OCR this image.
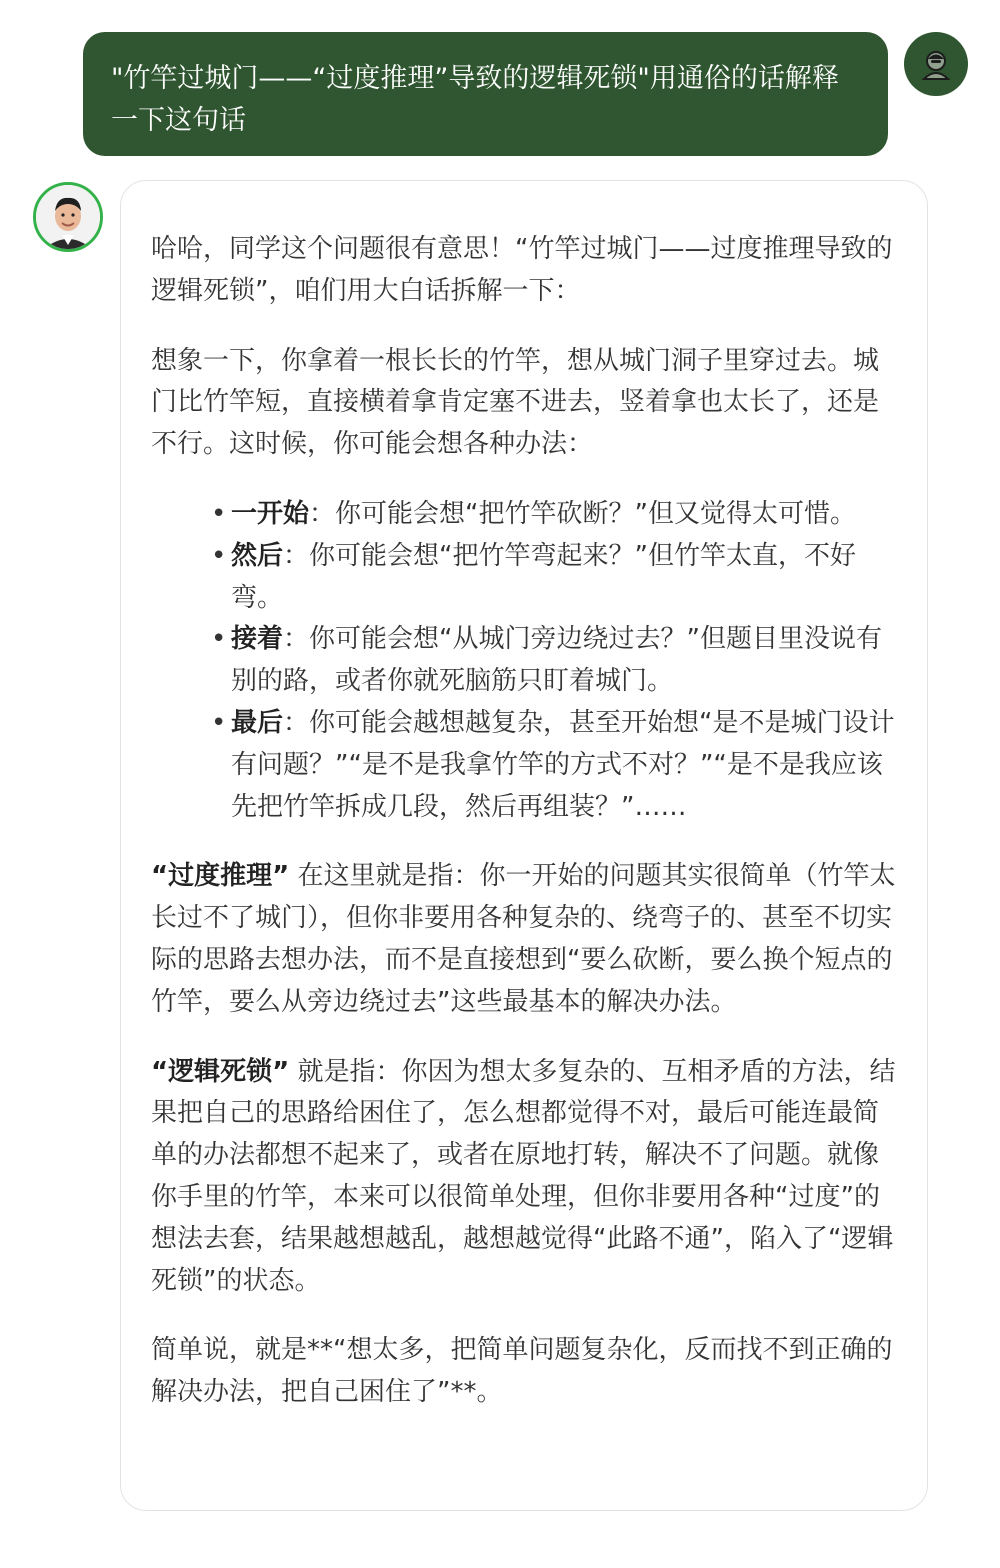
"竹竿过城门——“过度推理”导致的逻辑死锁"用通俗的话解释一下这句话

哈哈，同学这个问题很有意思！“竹竿过城门——过度推理导致的逻辑死锁”，咱们用大白话拆解一下：

想象一下，你拿着一根长长的竹竿，想从城门洞子里穿过去。城门比竹竿短，直接横着拿肯定塞不进去，竖着拿也太长了，还是不行。这时候，你可能会想各种办法：

• 一开始：你可能会想“把竹竿砍断？”但又觉得太可惜。
• 然后：你可能会想“把竹竿弯起来？”但竹竿太直，不好弯。
• 接着：你可能会想“从城门旁边绕过去？”但题目里没说有别的路，或者你就死脑筋只盯着城门。
• 最后：你可能会越想越复杂，甚至开始想“是不是城门设计有问题？”“是不是我拿竹竿的方式不对？”“是不是我应该先把竹竿拆成几段，然后再组装？”……

“过度推理” 在这里就是指：你一开始的问题其实很简单（竹竿太长过不了城门），但你非要用各种复杂的、绕弯子的、甚至不切实际的思路去想办法，而不是直接想到“要么砍断，要么换个短点的竹竿，要么从旁边绕过去”这些最基本的解决办法。

“逻辑死锁” 就是指：你因为想太多复杂的、互相矛盾的方法，结果把自己的思路给困住了，怎么想都觉得不对，最后可能连最简单的办法都想不起来了，或者在原地打转，解决不了问题。就像你手里的竹竿，本来可以很简单处理，但你非要用各种“过度”的想法去套，结果越想越乱，越想越觉得“此路不通”，陷入了“逻辑死锁”的状态。

简单说，就是**“想太多，把简单问题复杂化，反而找不到正确的解决办法，把自己困住了”**。
